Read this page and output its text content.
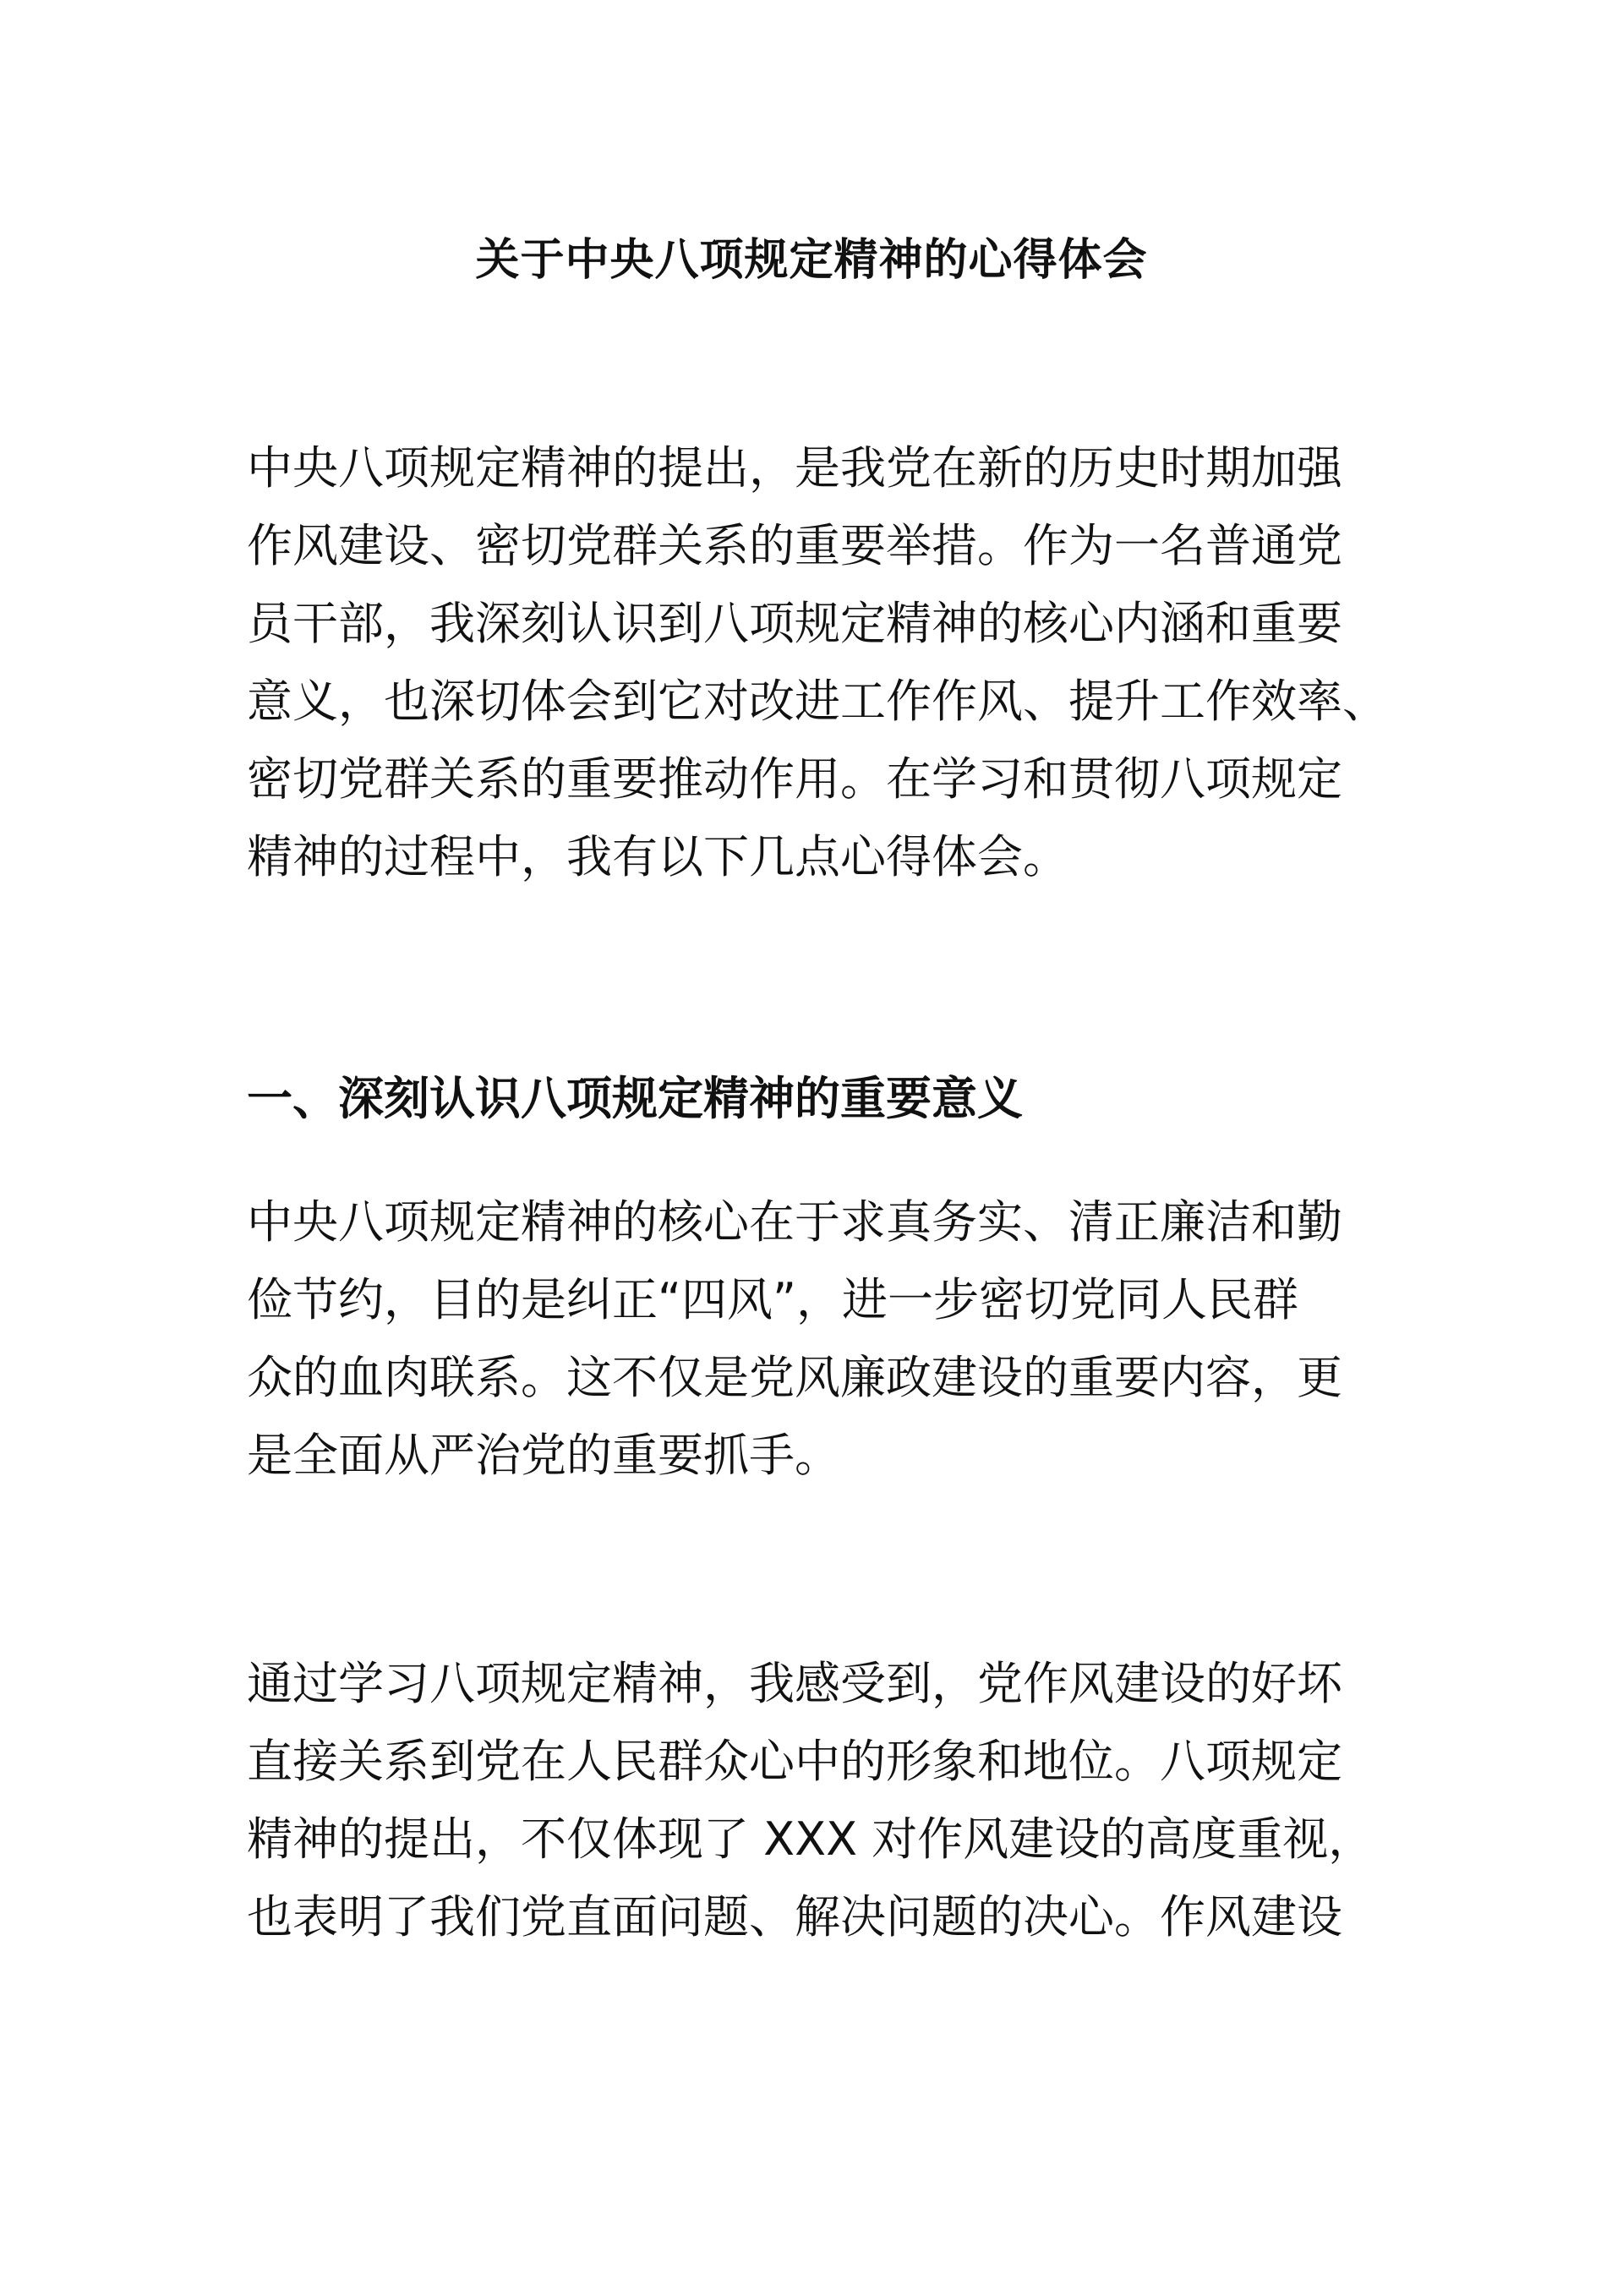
关于中央八项规定精神的心得体会

中央八项规定精神的提出，是我党在新的历史时期加强
作风建设、密切党群关系的重要举措。作为一名普通党
员干部，我深刻认识到八项规定精神的核心内涵和重要
意义，也深切体会到它对改进工作作风、提升工作效率、
密切党群关系的重要推动作用。在学习和贯彻八项规定
精神的过程中，我有以下几点心得体会。

一、深刻认识八项规定精神的重要意义

中央八项规定精神的核心在于求真务实、清正廉洁和勤
俭节约，目的是纠正“四风”，进一步密切党同人民群
众的血肉联系。这不仅是党风廉政建设的重要内容，更
是全面从严治党的重要抓手。

通过学习八项规定精神，我感受到，党作风建设的好坏
直接关系到党在人民群众心中的形象和地位。八项规定
精神的提出，不仅体现了 XXX 对作风建设的高度重视，
也表明了我们党直面问题、解决问题的决心。作风建设
